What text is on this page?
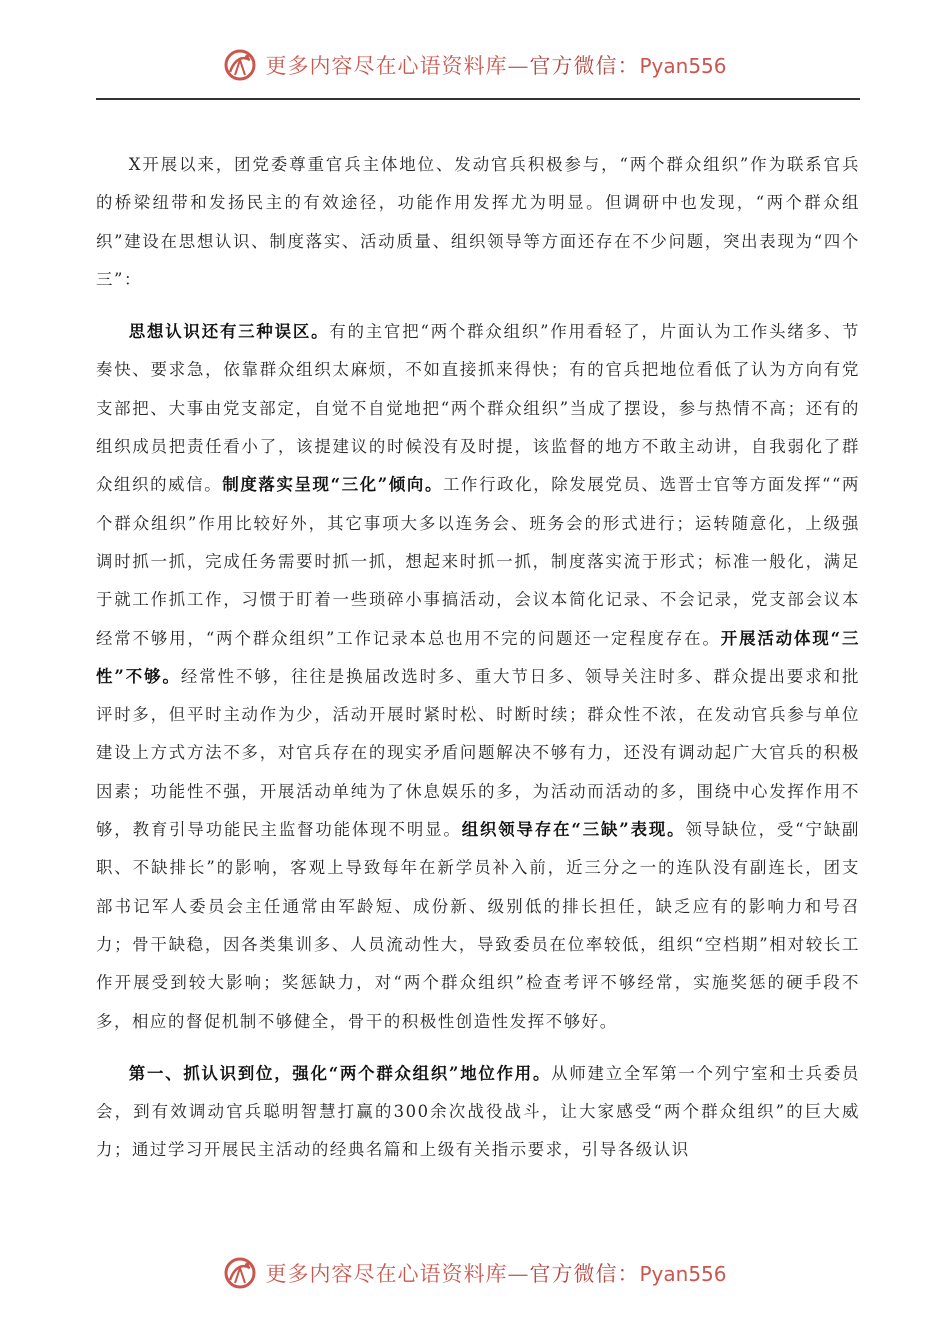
更多内容尽在心语资料库—官方微信：Pyan556

X开展以来，团党委尊重官兵主体地位、发动官兵积极参与，“两个群众组织”作为联系官兵的桥梁纽带和发扬民主的有效途径，功能作用发挥尤为明显。但调研中也发现，“两个群众组织”建设在思想认识、制度落实、活动质量、组织领导等方面还存在不少问题，突出表现为“四个三”：

思想认识还有三种误区。有的主官把“两个群众组织”作用看轻了，片面认为工作头绪多、节奏快、要求急，依靠群众组织太麻烦，不如直接抓来得快；有的官兵把地位看低了认为方向有党支部把、大事由党支部定，自觉不自觉地把“两个群众组织”当成了摆设，参与热情不高；还有的组织成员把责任看小了，该提建议的时候没有及时提，该监督的地方不敢主动讲，自我弱化了群众组织的威信。制度落实呈现“三化”倾向。工作行政化，除发展党员、选晋士官等方面发挥““两个群众组织”作用比较好外，其它事项大多以连务会、班务会的形式进行；运转随意化，上级强调时抓一抓，完成任务需要时抓一抓，想起来时抓一抓，制度落实流于形式；标准一般化，满足于就工作抓工作，习惯于盯着一些琐碎小事搞活动，会议本简化记录、不会记录，党支部会议本经常不够用，“两个群众组织”工作记录本总也用不完的问题还一定程度存在。开展活动体现“三性”不够。经常性不够，往往是换届改选时多、重大节日多、领导关注时多、群众提出要求和批评时多，但平时主动作为少，活动开展时紧时松、时断时续；群众性不浓，在发动官兵参与单位建设上方式方法不多，对官兵存在的现实矛盾问题解决不够有力，还没有调动起广大官兵的积极因素；功能性不强，开展活动单纯为了休息娱乐的多，为活动而活动的多，围绕中心发挥作用不够，教育引导功能民主监督功能体现不明显。组织领导存在“三缺”表现。领导缺位，受“宁缺副职、不缺排长”的影响，客观上导致每年在新学员补入前，近三分之一的连队没有副连长，团支部书记军人委员会主任通常由军龄短、成份新、级别低的排长担任，缺乏应有的影响力和号召力；骨干缺稳，因各类集训多、人员流动性大，导致委员在位率较低，组织“空档期”相对较长工作开展受到较大影响；奖惩缺力，对“两个群众组织”检查考评不够经常，实施奖惩的硬手段不多，相应的督促机制不够健全，骨干的积极性创造性发挥不够好。

第一、抓认识到位，强化“两个群众组织”地位作用。从师建立全军第一个列宁室和士兵委员会，到有效调动官兵聪明智慧打赢的300余次战役战斗，让大家感受“两个群众组织”的巨大威力；通过学习开展民主活动的经典名篇和上级有关指示要求，引导各级认识

更多内容尽在心语资料库—官方微信：Pyan556
